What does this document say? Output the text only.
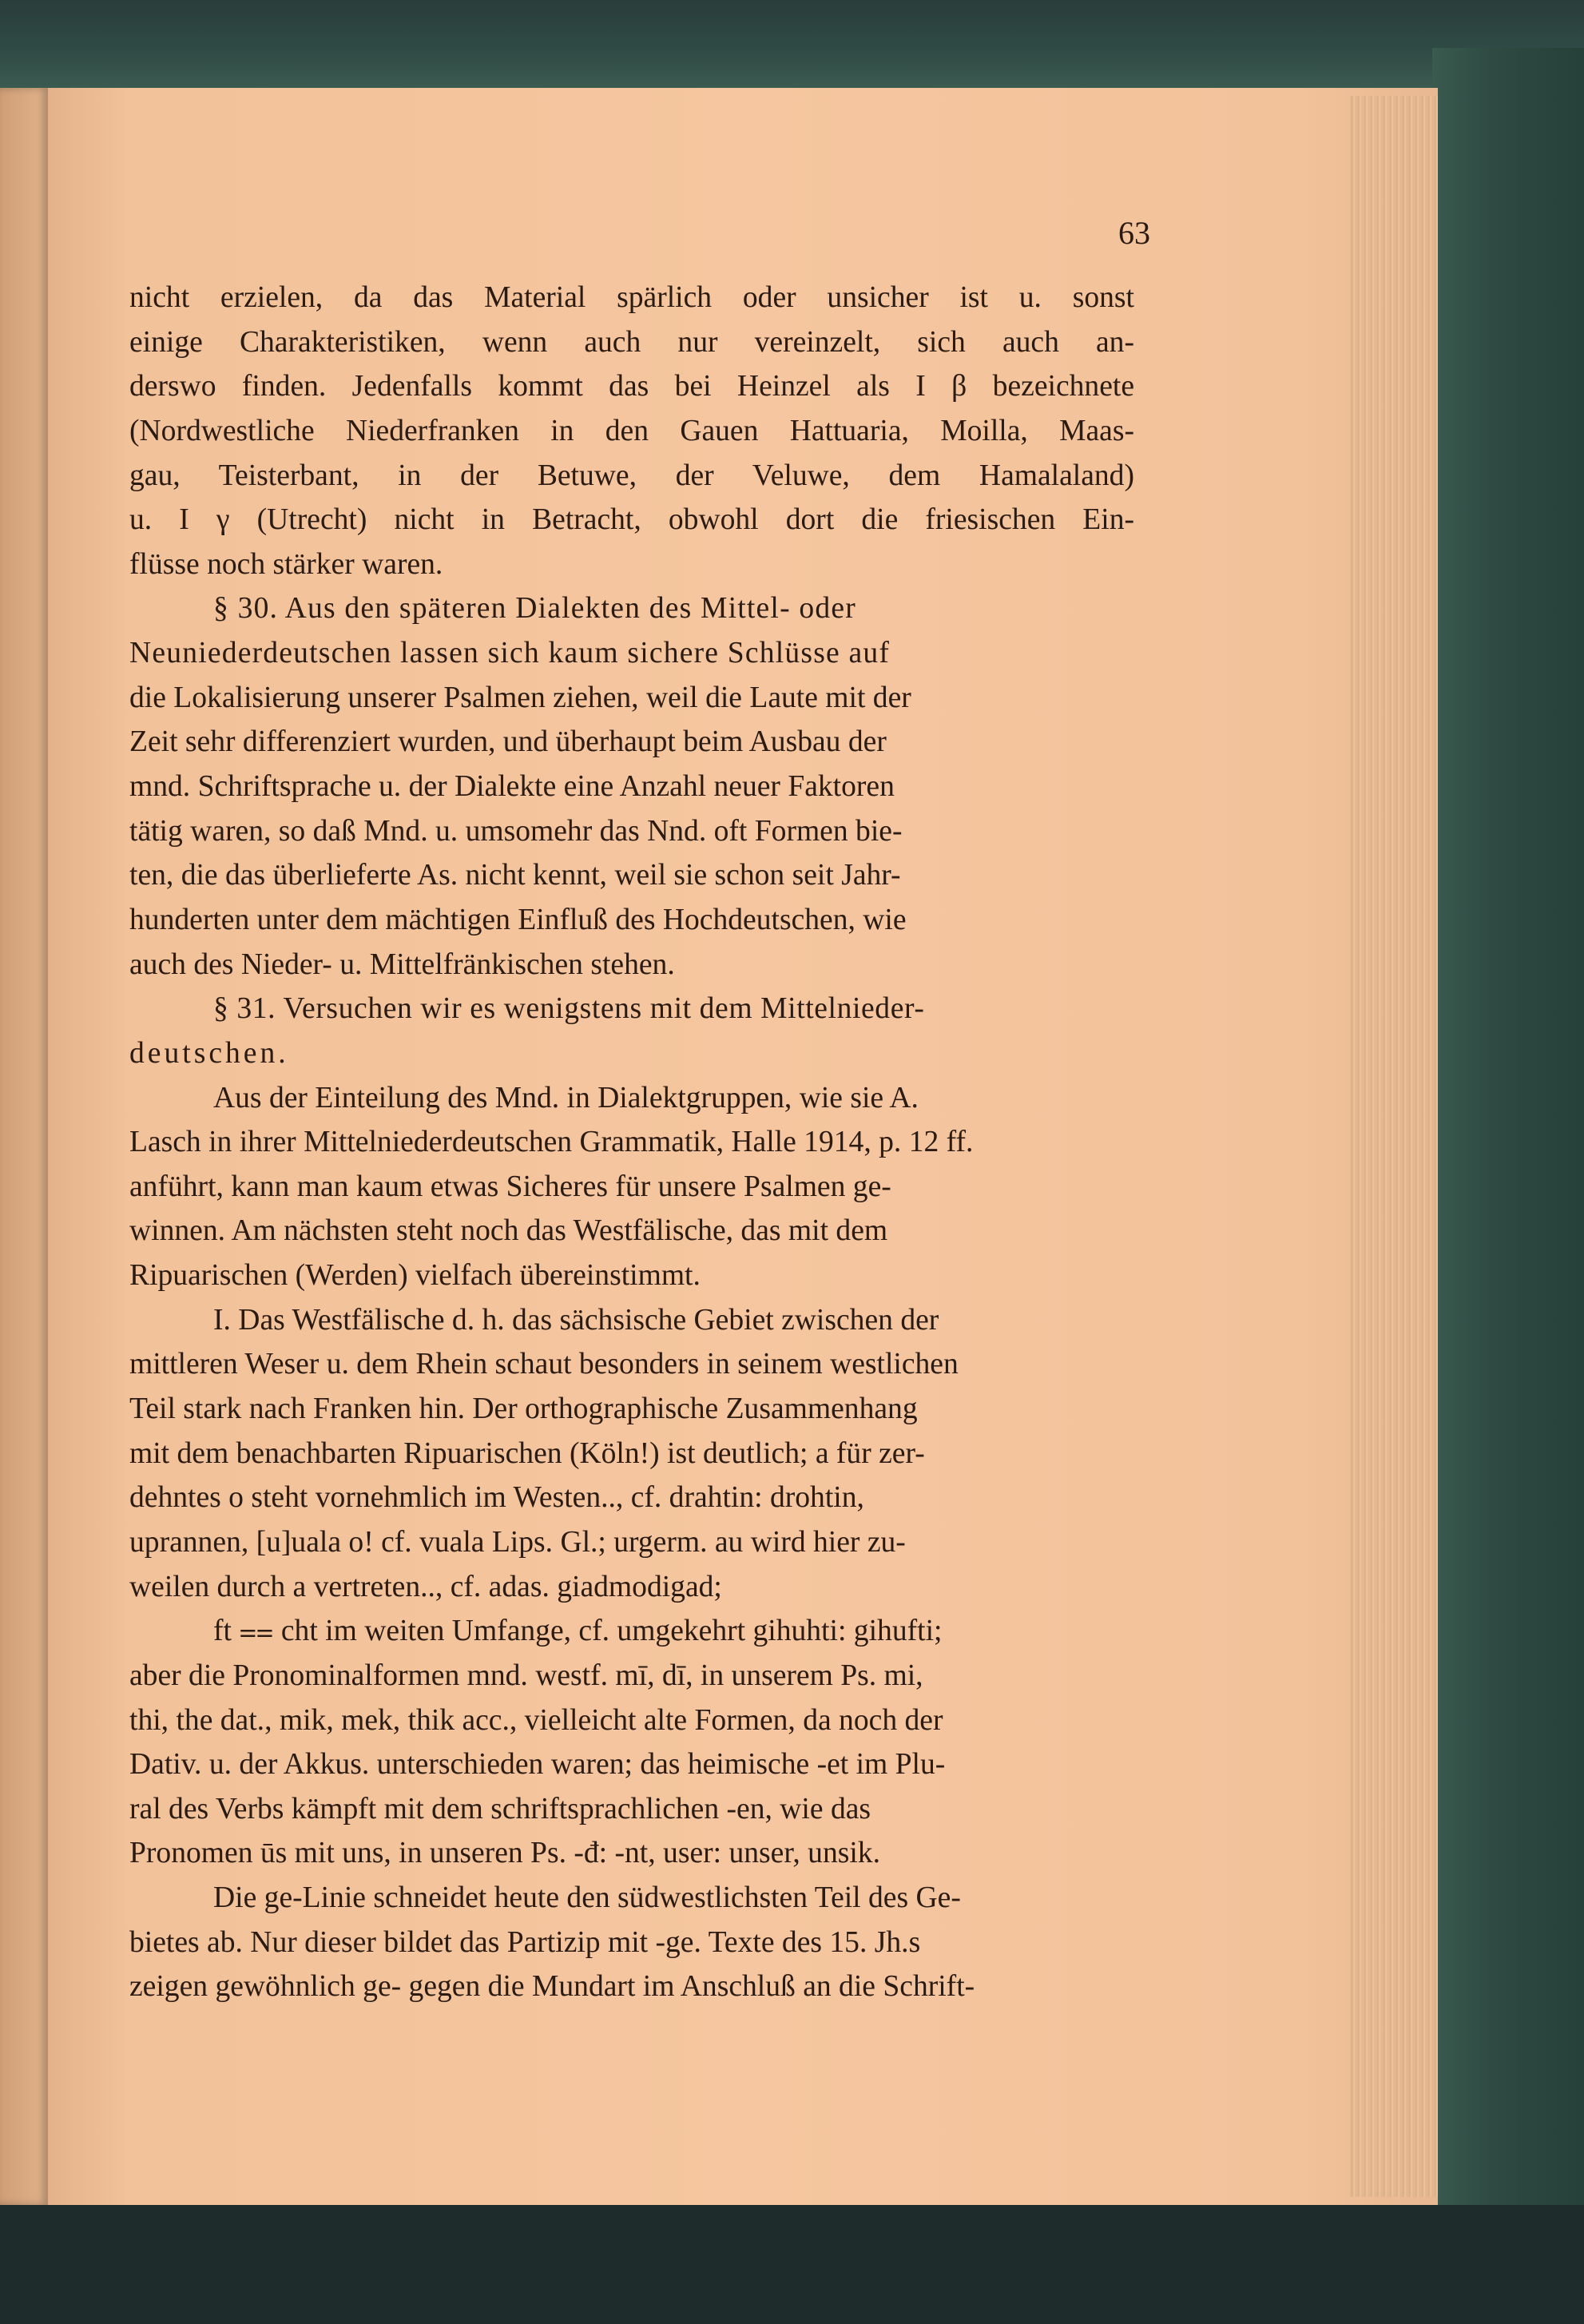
63
nicht erzielen, da das Material spärlich oder unsicher ist u. sonst
einige Charakteristiken, wenn auch nur vereinzelt, sich auch an-
derswo finden. Jedenfalls kommt das bei Heinzel als I β bezeichnete
(Nordwestliche Niederfranken in den Gauen Hattuaria, Moilla, Maas-
gau, Teisterbant, in der Betuwe, der Veluwe, dem Hamalaland)
u. I γ (Utrecht) nicht in Betracht, obwohl dort die friesischen Ein-
flüsse noch stärker waren.
§ 30. Aus den späteren Dialekten des Mittel- oder
Neuniederdeutschen lassen sich kaum sichere Schlüsse auf
die Lokalisierung unserer Psalmen ziehen, weil die Laute mit der
Zeit sehr differenziert wurden, und überhaupt beim Ausbau der
mnd. Schriftsprache u. der Dialekte eine Anzahl neuer Faktoren
tätig waren, so daß Mnd. u. umsomehr das Nnd. oft Formen bie-
ten, die das überlieferte As. nicht kennt, weil sie schon seit Jahr-
hunderten unter dem mächtigen Einfluß des Hochdeutschen, wie
auch des Nieder- u. Mittelfränkischen stehen.
§ 31. Versuchen wir es wenigstens mit dem Mittelnieder-
deutschen.
Aus der Einteilung des Mnd. in Dialektgruppen, wie sie A.
Lasch in ihrer Mittelniederdeutschen Grammatik, Halle 1914, p. 12 ff.
anführt, kann man kaum etwas Sicheres für unsere Psalmen ge-
winnen. Am nächsten steht noch das Westfälische, das mit dem
Ripuarischen (Werden) vielfach übereinstimmt.
I. Das Westfälische d. h. das sächsische Gebiet zwischen der
mittleren Weser u. dem Rhein schaut besonders in seinem westlichen
Teil stark nach Franken hin. Der orthographische Zusammenhang
mit dem benachbarten Ripuarischen (Köln!) ist deutlich; a für zer-
dehntes o steht vornehmlich im Westen.., cf. drahtin: drohtin,
uprannen, [u]uala o! cf. vuala Lips. Gl.; urgerm. au wird hier zu-
weilen durch a vertreten.., cf. adas. giadmodigad;
ft ⩵ cht im weiten Umfange, cf. umgekehrt gihuhti: gihufti;
aber die Pronominalformen mnd. westf. mī, dī, in unserem Ps. mi,
thi, the dat., mik, mek, thik acc., vielleicht alte Formen, da noch der
Dativ. u. der Akkus. unterschieden waren; das heimische -et im Plu-
ral des Verbs kämpft mit dem schriftsprachlichen -en, wie das
Pronomen ūs mit uns, in unseren Ps. -đ: -nt, user: unser, unsik.
Die ge-Linie schneidet heute den südwestlichsten Teil des Ge-
bietes ab. Nur dieser bildet das Partizip mit -ge. Texte des 15. Jh.s
zeigen gewöhnlich ge- gegen die Mundart im Anschluß an die Schrift-
